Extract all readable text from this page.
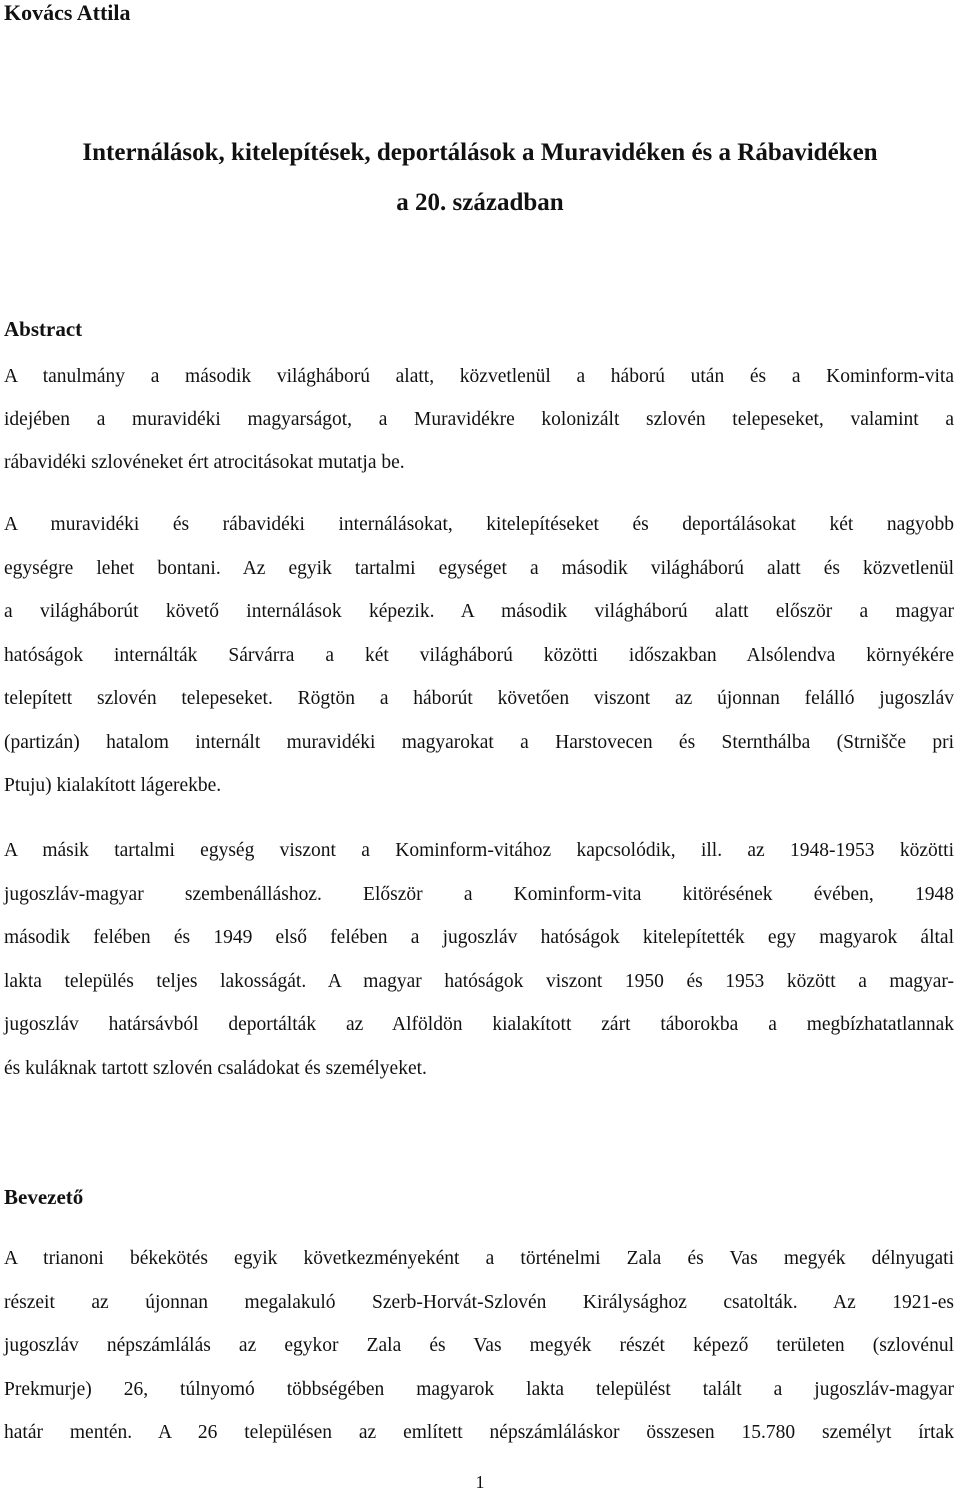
Kovács Attila
Internálások, kitelepítések, deportálások a Muravidéken és a Rábavidéken
a 20. században
Abstract
A tanulmány a második világháború alatt, közvetlenül a háború után és a Kominform-vita
idejében a muravidéki magyarságot, a Muravidékre kolonizált szlovén telepeseket, valamint a
rábavidéki szlovéneket ért atrocitásokat mutatja be.
A muravidéki és rábavidéki internálásokat, kitelepítéseket és deportálásokat két nagyobb
egységre lehet bontani. Az egyik tartalmi egységet a második világháború alatt és közvetlenül
a világháborút követő internálások képezik. A második világháború alatt először a magyar
hatóságok internálták Sárvárra a két világháború közötti időszakban Alsólendva környékére
telepített szlovén telepeseket. Rögtön a háborút követően viszont az újonnan felálló jugoszláv
(partizán) hatalom internált muravidéki magyarokat a Harstovecen és Sternthálba (Strnišče pri
Ptuju) kialakított lágerekbe.
A másik tartalmi egység viszont a Kominform-vitához kapcsolódik, ill. az 1948-1953 közötti
jugoszláv-magyar szembenálláshoz. Először a Kominform-vita kitörésének évében, 1948
második felében és 1949 első felében a jugoszláv hatóságok kitelepítették egy magyarok által
lakta település teljes lakosságát. A magyar hatóságok viszont 1950 és 1953 között a magyar-
jugoszláv határsávból deportálták az Alföldön kialakított zárt táborokba a megbízhatatlannak
és kuláknak tartott szlovén családokat és személyeket.
Bevezető
A trianoni békekötés egyik következményeként a történelmi Zala és Vas megyék délnyugati
részeit az újonnan megalakuló Szerb-Horvát-Szlovén Királysághoz csatolták. Az 1921-es
jugoszláv népszámlálás az egykor Zala és Vas megyék részét képező területen (szlovénul
Prekmurje) 26, túlnyomó többségében magyarok lakta települést talált a jugoszláv-magyar
határ mentén. A 26 településen az említett népszámláláskor összesen 15.780 személyt írtak
1
